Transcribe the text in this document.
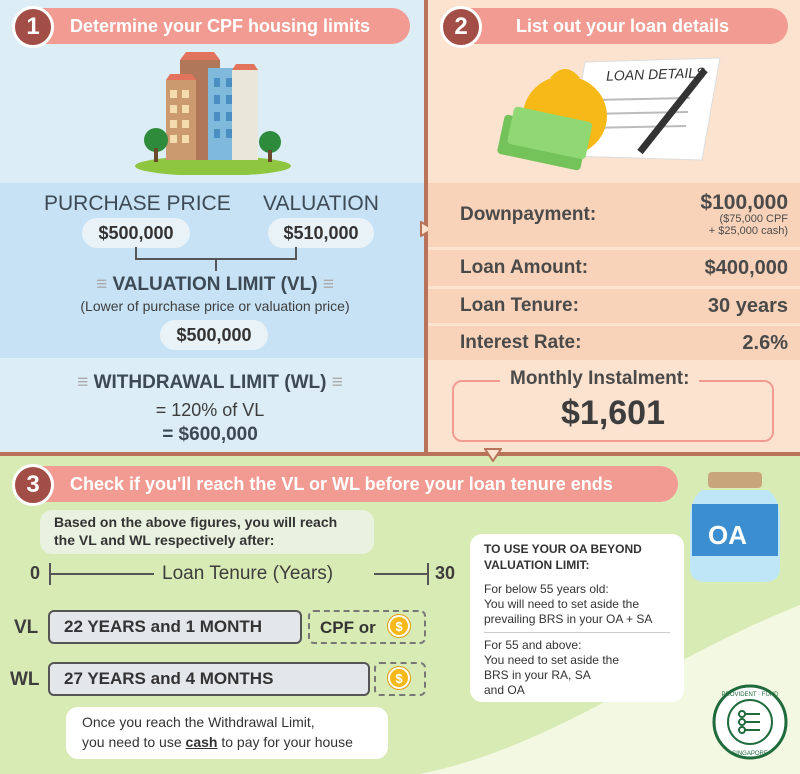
Determine your CPF housing limits
1
PURCHASE PRICE VALUATION
$500,000	$510,000
≡ VALUATION LIMIT (VL) ≡
(Lower of purchase price or valuation price)
$500,000
≡ WITHDRAWAL LIMIT (WL) ≡
= 120% of VL
= $600,000
List out your loan details
2
LOAN DETAILS
Downpayment:
$100,000
($75,000 CPF
+ $25,000 cash)
Loan Amount:	$400,000
Loan Tenure:	30 years
Interest Rate:	2.6%
Monthly Instalment:
$1,601
Check if you'll reach the VL or WL before your loan tenure ends
3
OA
Based on the above figures, you will reach
the VL and WL respectively after:
0	30
Loan Tenure (Years)
VL	22 YEARS and 1 MONTH	CPF or	$
WL	27 YEARS and 4 MONTHS	$
Once you reach the Withdrawal Limit,
you need to use cash to pay for your house
TO USE YOUR OA BEYOND
VALUATION LIMIT:
For below 55 years old:
You will need to set aside the
prevailing BRS in your OA + SA
For 55 and above:
You need to set aside the
BRS in your RA, SA
and OA	PROVIDENT · FUND
SINGAPORE
